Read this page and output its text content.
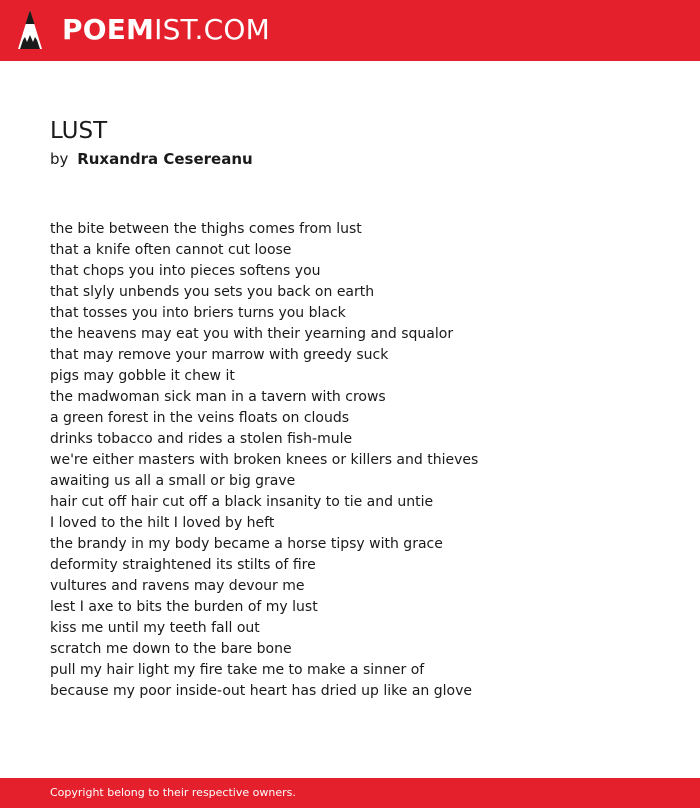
POEMIST.COM
LUST
by Ruxandra Cesereanu
the bite between the thighs comes from lust
that a knife often cannot cut loose
that chops you into pieces softens you
that slyly unbends you sets you back on earth
that tosses you into briers turns you black
the heavens may eat you with their yearning and squalor
that may remove your marrow with greedy suck
pigs may gobble it chew it
the madwoman sick man in a tavern with crows
a green forest in the veins floats on clouds
drinks tobacco and rides a stolen fish-mule
we're either masters with broken knees or killers and thieves
awaiting us all a small or big grave
hair cut off hair cut off a black insanity to tie and untie
I loved to the hilt I loved by heft
the brandy in my body became a horse tipsy with grace
deformity straightened its stilts of fire
vultures and ravens may devour me
lest I axe to bits the burden of my lust
kiss me until my teeth fall out
scratch me down to the bare bone
pull my hair light my fire take me to make a sinner of
because my poor inside-out heart has dried up like an glove
Copyright belong to their respective owners.
